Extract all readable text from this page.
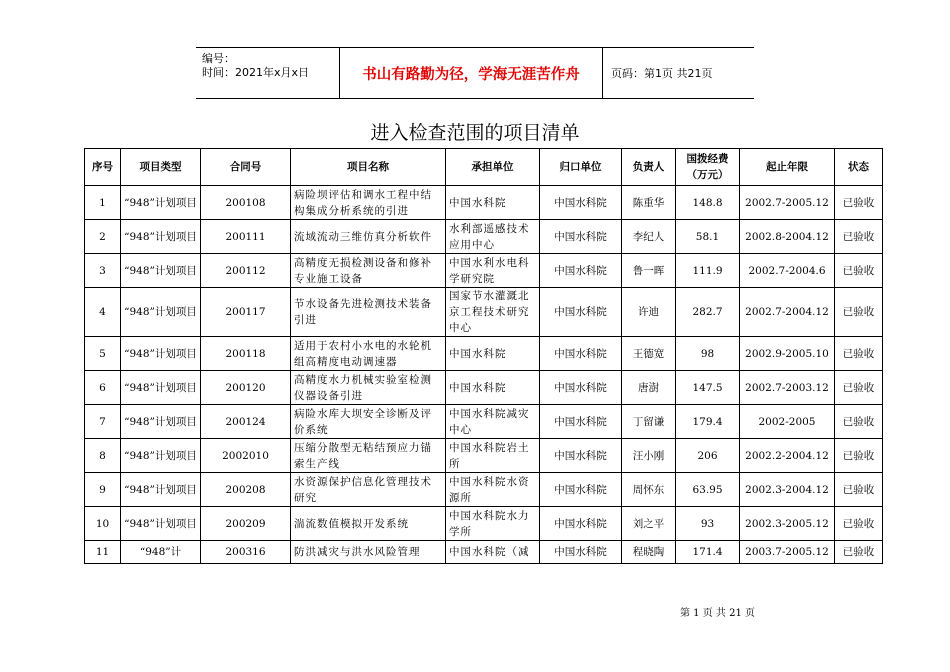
编号：
时间：2021年x月x日	书山有路勤为径，学海无涯苦作舟	页码：第1页 共21页
进入检查范围的项目清单
序号	项目类型	合同号	项目名称	承担单位	归口单位	负责人	国拨经费（万元）	起止年限	状态
1	“948”计划项目	200108	病险坝评估和调水工程中结构集成分析系统的引进	中国水科院	中国水科院	陈重华	148.8	2002.7-2005.12	已验收
2	“948”计划项目	200111	流域流动三维仿真分析软件	水利部遥感技术应用中心	中国水科院	李纪人	58.1	2002.8-2004.12	已验收
3	“948”计划项目	200112	高精度无损检测设备和修补专业施工设备	中国水利水电科学研究院	中国水科院	鲁一晖	111.9	2002.7-2004.6	已验收
4	“948”计划项目	200117	节水设备先进检测技术装备引进	国家节水灌溉北京工程技术研究中心	中国水科院	许迪	282.7	2002.7-2004.12	已验收
5	“948”计划项目	200118	适用于农村小水电的水轮机组高精度电动调速器	中国水科院	中国水科院	王德宽	98	2002.9-2005.10	已验收
6	“948”计划项目	200120	高精度水力机械实验室检测仪器设备引进	中国水科院	中国水科院	唐澍	147.5	2002.7-2003.12	已验收
7	“948”计划项目	200124	病险水库大坝安全诊断及评价系统	中国水科院减灾中心	中国水科院	丁留谦	179.4	2002-2005	已验收
8	“948”计划项目	2002010	压缩分散型无粘结预应力锚索生产线	中国水科院岩土所	中国水科院	汪小刚	206	2002.2-2004.12	已验收
9	“948”计划项目	200208	水资源保护信息化管理技术研究	中国水科院水资源所	中国水科院	周怀东	63.95	2002.3-2004.12	已验收
10	“948”计划项目	200209	湍流数值模拟开发系统	中国水科院水力学所	中国水科院	刘之平	93	2002.3-2005.12	已验收
11	“948”计	200316	防洪减灾与洪水风险管理	中国水科院（减	中国水科院	程晓陶	171.4	2003.7-2005.12	已验收
第 1 页 共 21 页
